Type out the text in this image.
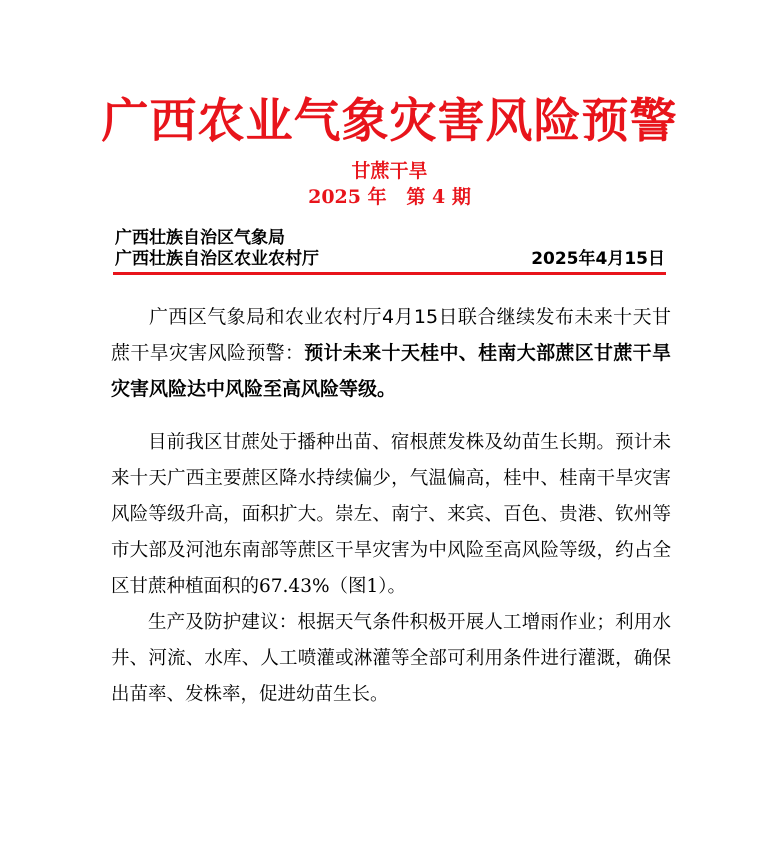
广西农业气象灾害风险预警
甘蔗干旱
2025 年   第 4 期
广西壮族自治区气象局
广西壮族自治区农业农村厅	2025年4月15日

广西区气象局和农业农村厅4月15日联合继续发布未来十天甘蔗干旱灾害风险预警：预计未来十天桂中、桂南大部蔗区甘蔗干旱灾害风险达中风险至高风险等级。

目前我区甘蔗处于播种出苗、宿根蔗发株及幼苗生长期。预计未来十天广西主要蔗区降水持续偏少，气温偏高，桂中、桂南干旱灾害风险等级升高，面积扩大。崇左、南宁、来宾、百色、贵港、钦州等市大部及河池东南部等蔗区干旱灾害为中风险至高风险等级，约占全区甘蔗种植面积的67.43%（图1）。

生产及防护建议：根据天气条件积极开展人工增雨作业；利用水井、河流、水库、人工喷灌或淋灌等全部可利用条件进行灌溉，确保出苗率、发株率，促进幼苗生长。
